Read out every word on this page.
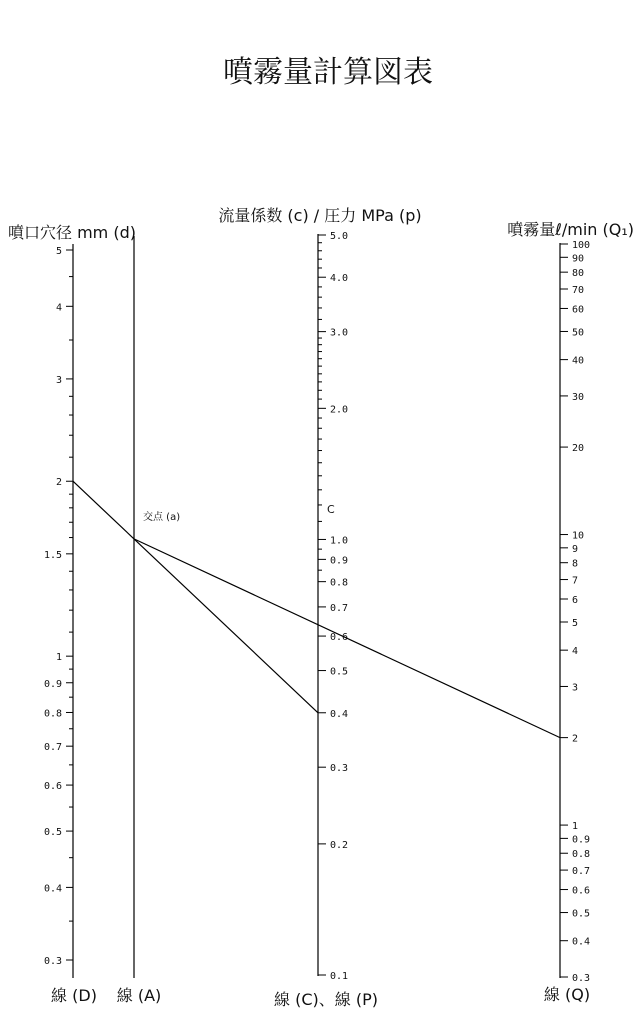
噴霧量計算図表
流量係数 (c) / 圧力 MPa (p)
噴口穴径 mm (d)	噴霧量ℓ/min (Q₁)
5
4
3
2
1.5
1
0.9
0.8
0.7
0.6
0.5
0.4
0.3
5.0
4.0
3.0
2.0
1.0
0.9
0.8
0.7
0.6
0.5
0.4
0.3
0.2
0.1	0.3
0.4
0.5
0.6
0.7
0.8
0.9
1
2
3
4
5
6
7
8
9
10
20
30
40
50
60
70
80
90
100
交点 (a)
C
線 (D) 線 (A)	線 (C)、線 (P)	線 (Q)
